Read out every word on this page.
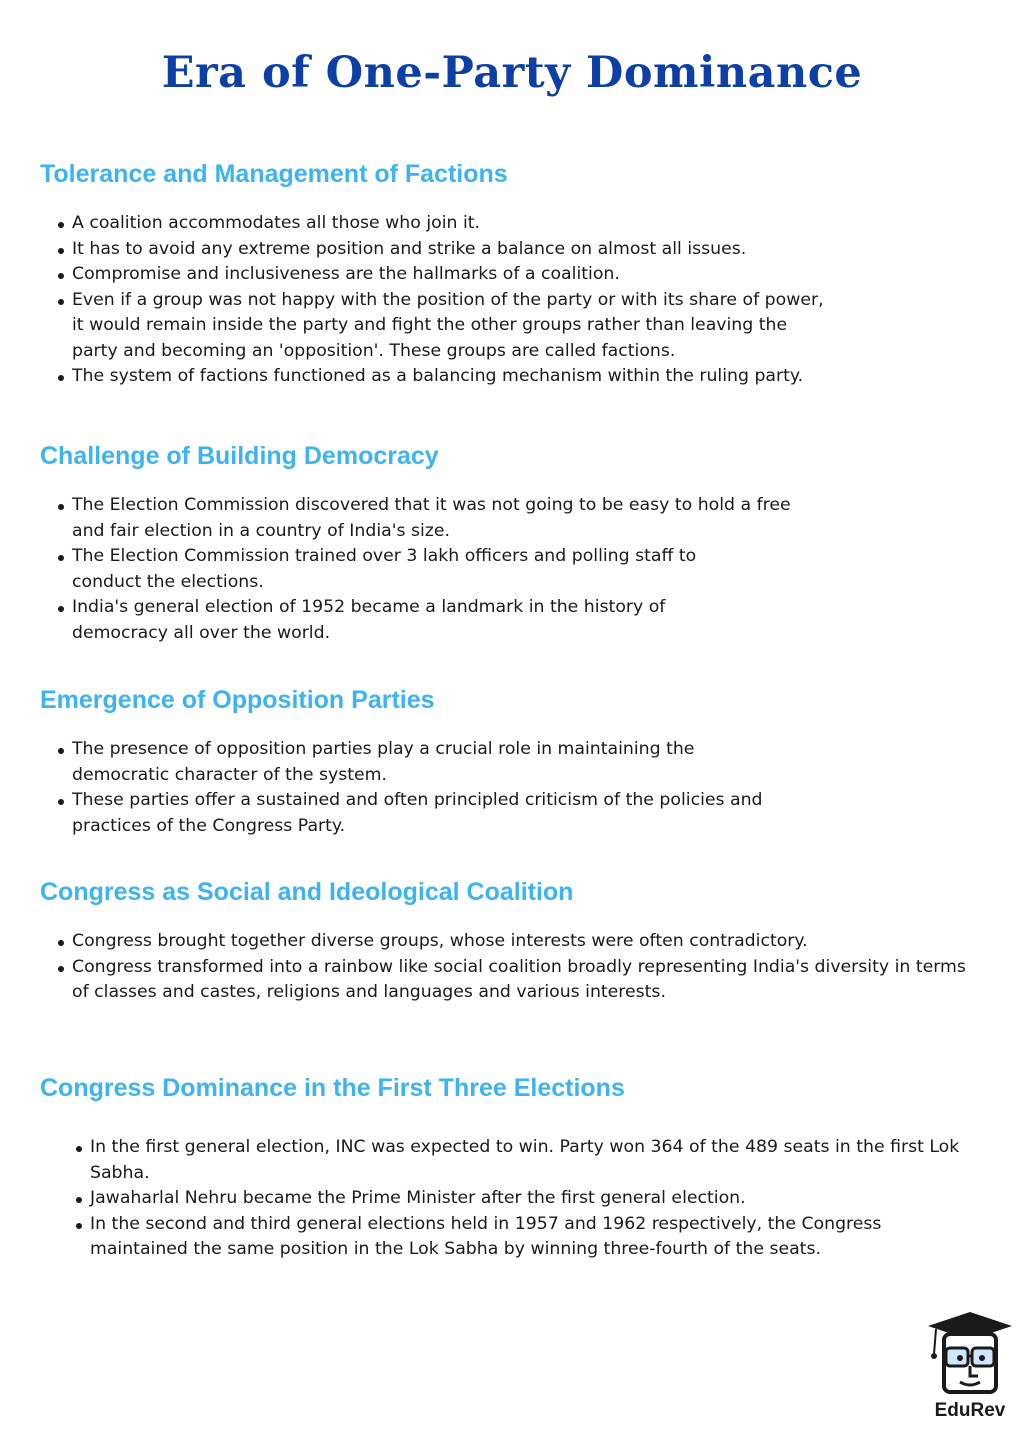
Era of One-Party Dominance
Tolerance and Management of Factions
A coalition accommodates all those who join it.
It has to avoid any extreme position and strike a balance on almost all issues.
Compromise and inclusiveness are the hallmarks of a coalition.
Even if a group was not happy with the position of the party or with its share of power, it would remain inside the party and fight the other groups rather than leaving the party and becoming an 'opposition'. These groups are called factions.
The system of factions functioned as a balancing mechanism within the ruling party.
Challenge of Building Democracy
The Election Commission discovered that it was not going to be easy to hold a free and fair election in a country of India's size.
The Election Commission trained over 3 lakh officers and polling staff to conduct the elections.
India's general election of 1952 became a landmark in the history of democracy all over the world.
Emergence of Opposition Parties
The presence of opposition parties play a crucial role in maintaining the democratic character of the system.
These parties offer a sustained and often principled criticism of the policies and practices of the Congress Party.
Congress as Social and Ideological Coalition
Congress brought together diverse groups, whose interests were often contradictory.
Congress transformed into a rainbow like social coalition broadly representing India's diversity in terms of classes and castes, religions and languages and various interests.
Congress Dominance in the First Three Elections
In the first general election, INC was expected to win. Party won 364 of the 489 seats in the first Lok Sabha.
Jawaharlal Nehru became the Prime Minister after the first general election.
In the second and third general elections held in 1957 and 1962 respectively, the Congress maintained the same position in the Lok Sabha by winning three-fourth of the seats.
EduRev
